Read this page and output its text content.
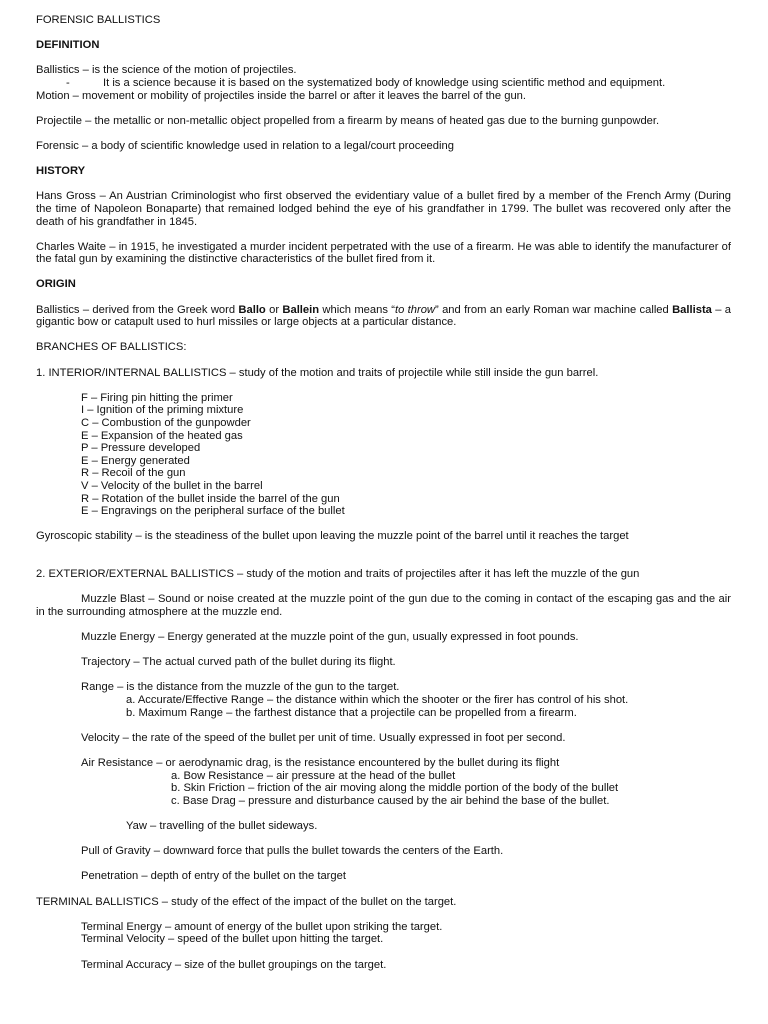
FORENSIC BALLISTICS

DEFINITION

Ballistics – is the science of the motion of projectiles.

-	It is a science because it is based on the systematized body of knowledge using scientific method and equipment.

Motion – movement or mobility of projectiles inside the barrel or after it leaves the barrel of the gun.

Projectile – the metallic or non-metallic object propelled from a firearm by means of heated gas due to the burning gunpowder.

Forensic – a body of scientific knowledge used in relation to a legal/court proceeding

HISTORY

Hans Gross – An Austrian Criminologist who first observed the evidentiary value of a bullet fired by a member of the French Army (During the time of Napoleon Bonaparte) that remained lodged behind the eye of his grandfather in 1799. The bullet was recovered only after the death of his grandfather in 1845.

Charles Waite – in 1915, he investigated a murder incident perpetrated with the use of a firearm. He was able to identify the manufacturer of the fatal gun by examining the distinctive characteristics of the bullet fired from it.

ORIGIN

Ballistics – derived from the Greek word Ballo or Ballein which means “to throw” and from an early Roman war machine called Ballista – a gigantic bow or catapult used to hurl missiles or large objects at a particular distance.

BRANCHES OF BALLISTICS:

1. INTERIOR/INTERNAL BALLISTICS – study of the motion and traits of projectile while still inside the gun barrel.

F – Firing pin hitting the primer

I – Ignition of the priming mixture

C – Combustion of the gunpowder

E – Expansion of the heated gas

P – Pressure developed

E – Energy generated

R – Recoil of the gun

V – Velocity of the bullet in the barrel

R – Rotation of the bullet inside the barrel of the gun

E – Engravings on the peripheral surface of the bullet

Gyroscopic stability – is the steadiness of the bullet upon leaving the muzzle point of the barrel until it reaches the target

2. EXTERIOR/EXTERNAL BALLISTICS – study of the motion and traits of projectiles after it has left the muzzle of the gun

Muzzle Blast – Sound or noise created at the muzzle point of the gun due to the coming in contact of the escaping gas and the air in the surrounding atmosphere at the muzzle end.

Muzzle Energy – Energy generated at the muzzle point of the gun, usually expressed in foot pounds.

Trajectory – The actual curved path of the bullet during its flight.

Range – is the distance from the muzzle of the gun to the target.

a. Accurate/Effective Range – the distance within which the shooter or the firer has control of his shot.

b. Maximum Range – the farthest distance that a projectile can be propelled from a firearm.

Velocity – the rate of the speed of the bullet per unit of time. Usually expressed in foot per second.

Air Resistance – or aerodynamic drag, is the resistance encountered by the bullet during its flight

a. Bow Resistance – air pressure at the head of the bullet

b. Skin Friction – friction of the air moving along the middle portion of the body of the bullet

c. Base Drag – pressure and disturbance caused by the air behind the base of the bullet.

Yaw – travelling of the bullet sideways.

Pull of Gravity – downward force that pulls the bullet towards the centers of the Earth.

Penetration – depth of entry of the bullet on the target

TERMINAL BALLISTICS – study of the effect of the impact of the bullet on the target.

Terminal Energy – amount of energy of the bullet upon striking the target.

Terminal Velocity – speed of the bullet upon hitting the target.

Terminal Accuracy – size of the bullet groupings on the target.
